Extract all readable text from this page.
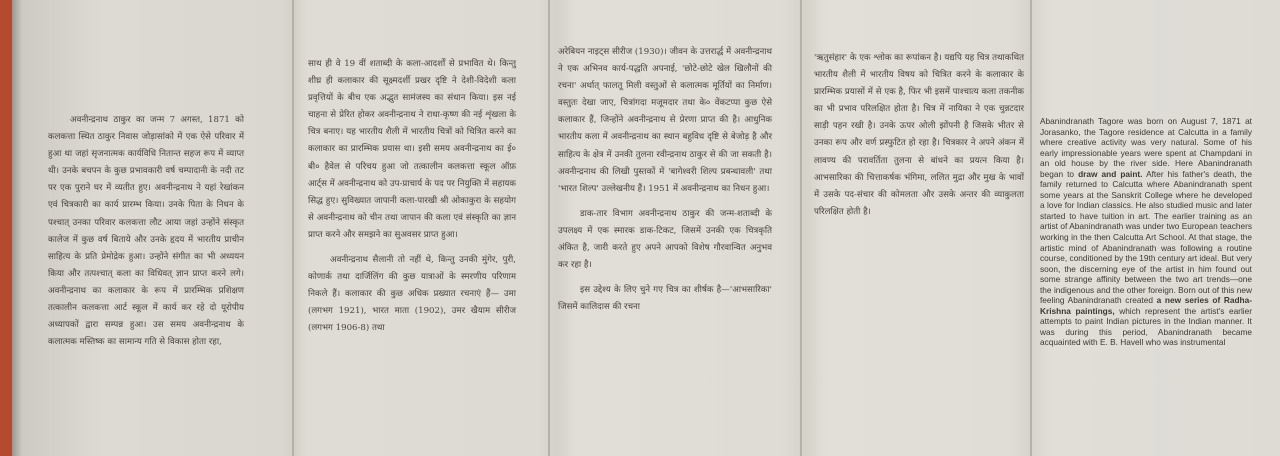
अवनीन्द्रनाथ ठाकुर का जन्म 7 अगस्त, 1871 को कलकत्ता स्थित ठाकुर निवास जोड़ासांको में एक ऐसे परिवार में हुआ था जहां सृजनात्मक कार्यविधि नितान्त सहज रूप में व्याप्त थी। उनके बचपन के कुछ प्रभावकारी वर्ष चम्पादानी के नदी तट पर एक पुराने घर में व्यतीत हुए। अवनीन्द्रनाथ ने यहां रेखांकन एवं चित्रकारी का कार्य प्रारम्भ किया। उनके पिता के निधन के पश्चात् उनका परिवार कलकत्ता लौट आया जहां उन्होंने संस्कृत कालेज में कुछ वर्ष बिताये और उनके हृदय में भारतीय प्राचीन साहित्य के प्रति प्रेमोद्रेक हुआ। उन्होंने संगीत का भी अध्ययन किया और तत्पश्चात् कला का विधिवत् ज्ञान प्राप्त करने लगे। अवनीन्द्रनाथ का कलाकार के रूप में प्रारम्भिक प्रशिक्षण तत्कालीन कलकत्ता आर्ट स्कूल में कार्य कर रहे दो यूरोपीय अध्यापकों द्वारा सम्पन्न हुआ। उस समय अवनीन्द्रनाथ के कलात्मक मस्तिष्क का सामान्य गति से विकास होता रहा,

साथ ही वे 19 वीं शताब्दी के कला-आदर्शों से प्रभावित थे। किन्तु शीघ्र ही कलाकार की सूक्ष्मदर्शी प्रखर दृष्टि ने देशी-विदेशी कला प्रवृत्तियों के बीच एक अद्भुत सामंजस्य का संधान किया। इस नई चाहना से प्रेरित होकर अवनीन्द्रनाथ ने राधा-कृष्ण की नई शृंखला के चित्र बनाए। यह भारतीय शैली में भारतीय चित्रों को चित्रित करने का कलाकार का प्रारम्भिक प्रयास था। इसी समय अवनीन्द्रनाथ का ई० बी० हैवेल से परिचय हुआ जो तत्कालीन कलकत्ता स्कूल ऑफ़ आर्ट्स में अवनीन्द्रनाथ को उप-प्राचार्य के पद पर नियुक्ति में सहायक सिद्ध हुए। सुविख्यात जापानी कला-पारखी श्री ओकाकुरा के सहयोग से अवनीन्द्रनाथ को चीन तथा जापान की कला एवं संस्कृति का ज्ञान प्राप्त करने और समझने का सुअवसर प्राप्त हुआ।

अवनीन्द्रनाथ सैलानी तो नहीं थे, किन्तु उनकी मुंगेर, पुरी, कोणार्क तथा दार्जिलिंग की कुछ यात्राओं के स्मरणीय परिणाम निकले हैं। कलाकार की कुछ अधिक प्रख्यात रचनाएं हैं— उमा (लगभग 1921), भारत माता (1902), उमर खैयाम सीरीज (लगभग 1906-8) तथा

अरेबियन नाइट्स सीरीज (1930)। जीवन के उत्तरार्द्ध में अवनीन्द्रनाथ ने एक अभिनव कार्य-पद्धति अपनाई, 'छोटे-छोटे खेल खिलौनों की रचना' अर्थात् फालतू मिली वस्तुओं से कलात्मक मूर्तियों का निर्माण। वस्तुतः देखा जाए, चित्रांगदा मजूमदार तथा के० वेंकटप्पा कुछ ऐसे कलाकार हैं, जिन्होंने अवनीन्द्रनाथ से प्रेरणा प्राप्त की है। आधुनिक भारतीय कला में अवनीन्द्रनाथ का स्थान बहुविध दृष्टि से बेजोड़ है और साहित्य के क्षेत्र में उनकी तुलना रवीन्द्रनाथ ठाकुर से की जा सकती है। अवनीन्द्रनाथ की लिखी पुस्तकों में 'बागेश्वरी शिल्प प्रबन्धावली' तथा 'भारत शिल्प' उल्लेखनीय हैं। 1951 में अवनीन्द्रनाथ का निधन हुआ।

डाक-तार विभाग अवनीन्द्रनाथ ठाकुर की जन्म-शताब्दी के उपलक्ष्य में एक स्मारक डाक-टिकट, जिसमें उनकी एक चित्रकृति अंकित है, जारी करते हुए अपने आपको विशेष गौरवान्वित अनुभव कर रहा है।

इस उद्देश्य के लिए चुने गए चित्र का शीर्षक है—'आभसारिका' जिसमें कालिदास की रचना

'ऋतुसंहार' के एक श्लोक का रूपांकन है। यद्यपि यह चित्र तथाकथित भारतीय शैली में भारतीय विषय को चित्रित करने के कलाकार के प्रारम्भिक प्रयासों में से एक है, फिर भी इसमें पाश्चात्य कला तकनीक का भी प्रभाव परिलक्षित होता है। चित्र में नायिका ने एक चुन्नटदार साड़ी पहन रखी है। उनके ऊपर ओली झोंपनी है जिसके भीतर से उनका रूप और वर्ण प्रस्फुटित हो रहा है। चित्रकार ने अपने अंकन में लावण्य की परावर्तिता तुलना से बांधने का प्रयत्न किया है। आभसारिका की चित्ताकर्षक भंगिमा, ललित मुद्रा और मुख के भावों में उसके पद-संचार की कोमलता और उसके अन्तर की व्याकुलता परिलक्षित होती है।

Abanindranath Tagore was born on August 7, 1871 at Jorasanko, the Tagore residence at Calcutta in a family where creative activity was very natural. Some of his early impressionable years were spent at Champdani in an old house by the river side. Here Abanindranath began to draw and paint. After his father's death, the family returned to Calcutta where Abanindranath spent some years at the Sanskrit College where he developed a love for Indian classics. He also studied music and later started to have tuition in art. The earlier training as an artist of Abanindranath was under two European teachers working in the then Calcutta Art School. At that stage, the artistic mind of Abanindranath was following a routine course, conditioned by the 19th century art ideal. But very soon, the discerning eye of the artist in him found out some strange affinity between the two art trends—one the indigenous and the other foreign. Born out of this new feeling Abanindranath created a new series of Radha-Krishna paintings, which represent the artist's earlier attempts to paint Indian pictures in the Indian manner. It was during this period, Abanindranath became acquainted with E. B. Havell who was instrumental
